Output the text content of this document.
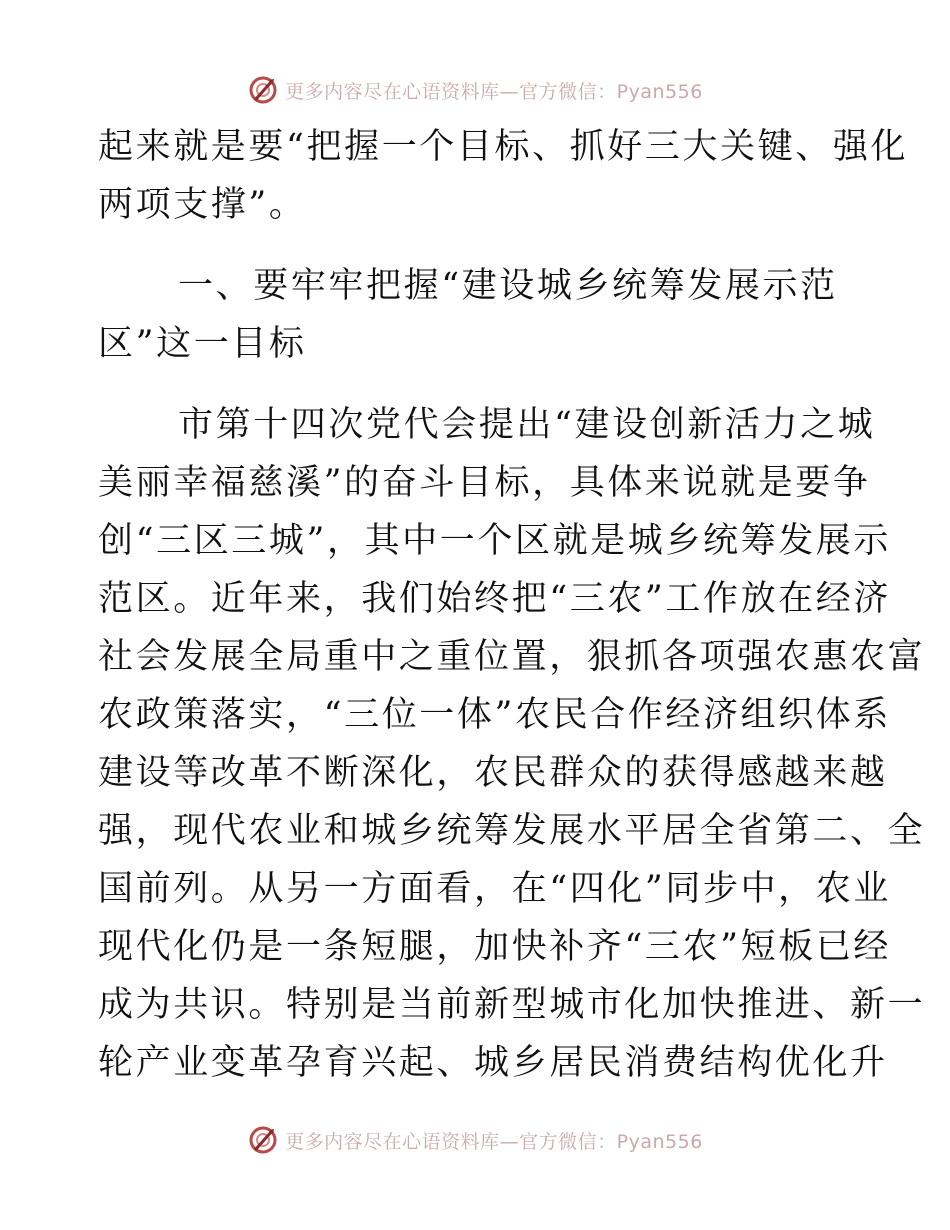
更多内容尽在心语资料库—官方微信：Pyan556
起来就是要“把握一个目标、抓好三大关键、强化
两项支撑”。
一、要牢牢把握“建设城乡统筹发展示范
区”这一目标
市第十四次党代会提出“建设创新活力之城
美丽幸福慈溪”的奋斗目标，具体来说就是要争
创“三区三城”，其中一个区就是城乡统筹发展示
范区。近年来，我们始终把“三农”工作放在经济
社会发展全局重中之重位置，狠抓各项强农惠农富
农政策落实，“三位一体”农民合作经济组织体系
建设等改革不断深化，农民群众的获得感越来越
强，现代农业和城乡统筹发展水平居全省第二、全
国前列。从另一方面看，在“四化”同步中，农业
现代化仍是一条短腿，加快补齐“三农”短板已经
成为共识。特别是当前新型城市化加快推进、新一
轮产业变革孕育兴起、城乡居民消费结构优化升
更多内容尽在心语资料库—官方微信：Pyan556
